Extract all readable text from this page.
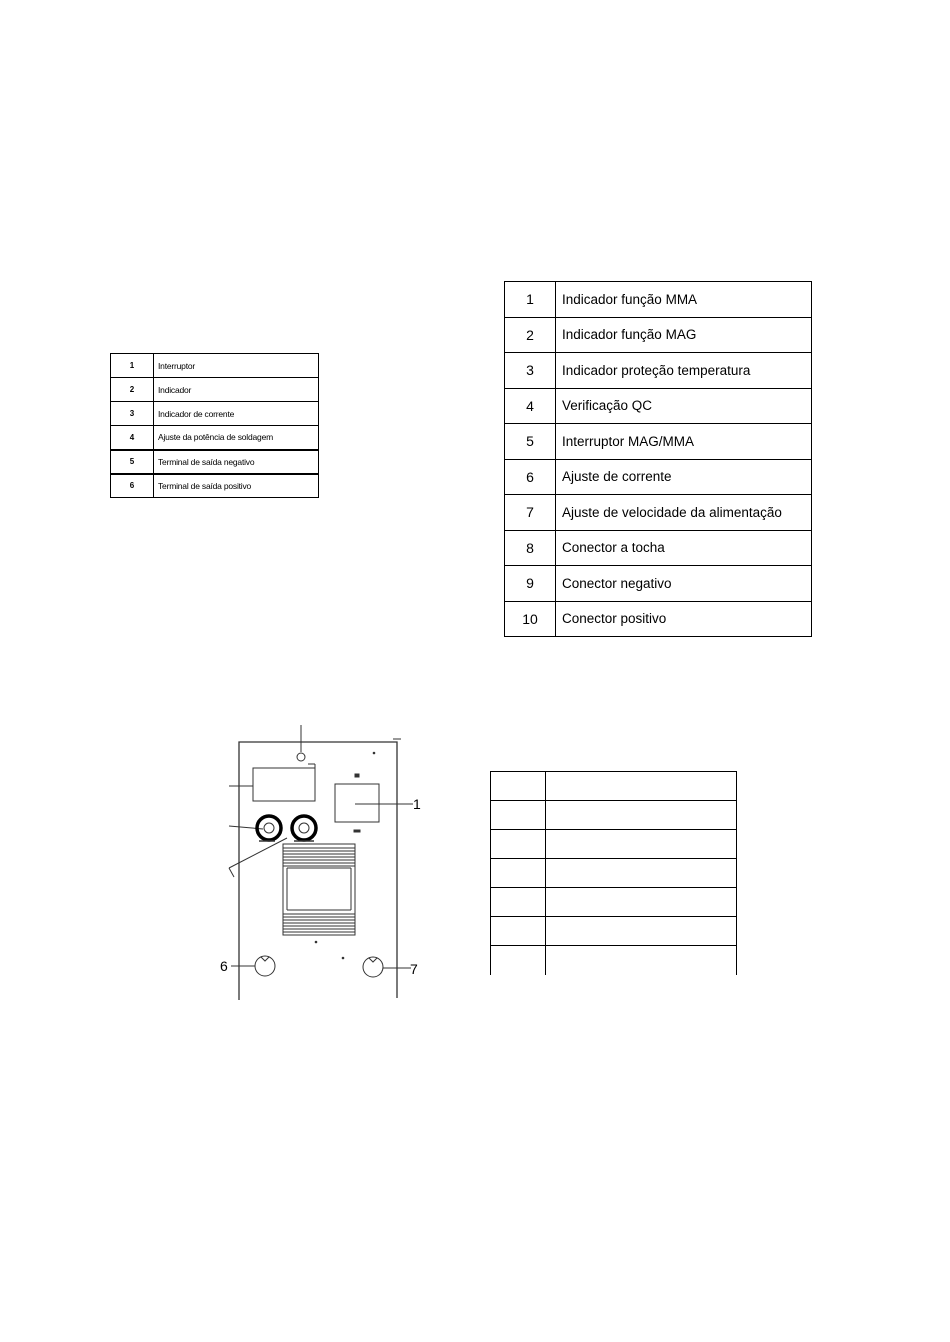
1	Interruptor
2	Indicador
3	Indicador de corrente
4	Ajuste da potência de soldagem
5	Terminal de saída negativo
6	Terminal de saída positivo
1	Indicador função MMA
2	Indicador função MAG
3	Indicador proteção temperatura
4	Verificação QC
5	Interruptor MAG/MMA
6	Ajuste de corrente
7	Ajuste de velocidade da alimentação
8	Conector a tocha
9	Conector negativo
10	Conector positivo
1
6	7
